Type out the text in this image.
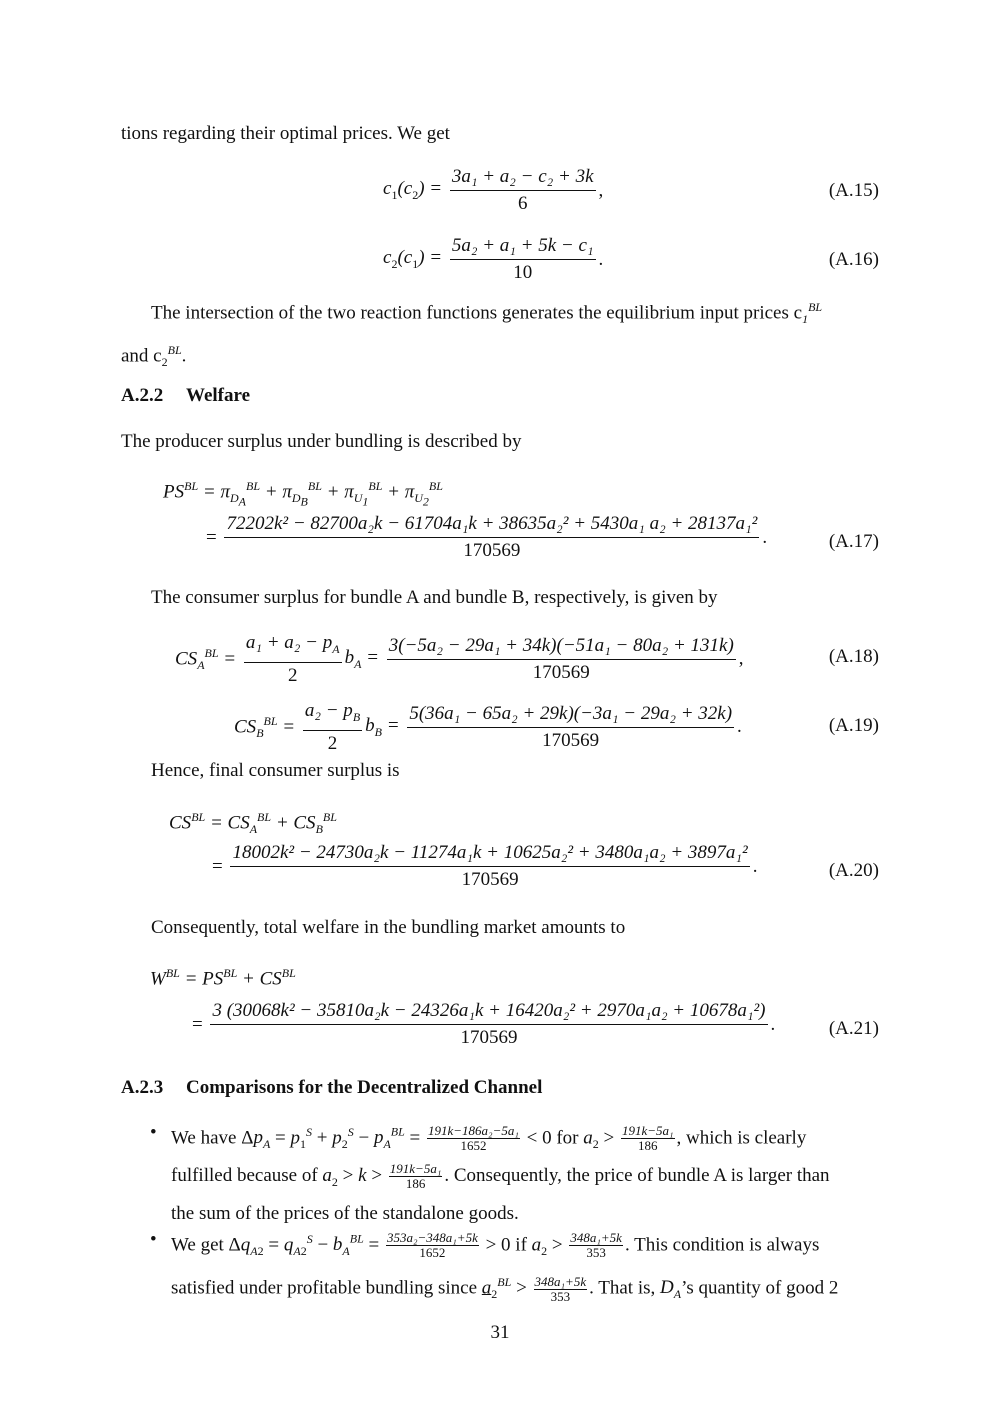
tions regarding their optimal prices. We get

$c_1(c_2) = \frac{\text{3a₁ + a₂ − c₂ + 3k}}{6}$ ,	(A.15)
$c_2(c_1) = \frac{\text{5a₂ + a₁ + 5k − c₁}}{10}$ .	(A.16)

The intersection of the two reaction functions generates the equilibrium input prices $c_1^{BL}$
and $c_2^{BL}$.

A.2.2 Welfare

The producer surplus under bundling is described by

$PS^{BL} = \pi_{D_A}^{BL} + \pi_{D_B}^{BL} + \pi_{U_1}^{BL} + \pi_{U_2}^{BL}$
=
72202k² − 82700a₂k − 61704a₁k + 38635a₂² + 5430a₁ a₂ + 28137a₁²
170569
.	(A.17)

The consumer surplus for bundle A and bundle B, respectively, is given by

$CS_A^{BL} = \frac{a_1 + a_2 - p_A}{2} b_A = \frac{\text{3(−5a₂ − 29a₁ + 34k)(−51a₁ − 80a₂ + 131k)}}{170569}$ ,	(A.18)
$CS_B^{BL} = \frac{a_2 - p_B}{2} b_B = \frac{\text{5(36a₁ − 65a₂ + 29k)(−3a₁ − 29a₂ + 32k)}}{170569}$ .	(A.19)

Hence, final consumer surplus is

$CS^{BL} = CS_A^{BL} + CS_B^{BL}$
=
18002k² − 24730a₂k − 11274a₁k + 10625a₂² + 3480a₁a₂ + 3897a₁²
170569
.	(A.20)

Consequently, total welfare in the bundling market amounts to

$W^{BL} = PS^{BL} + CS^{BL}$
=
3 (30068k² − 35810a₂k − 24326a₁k + 16420a₂² + 2970a₁a₂ + 10678a₁²)
170569
.	(A.21)
A.2.3 Comparisons for the Decentralized Channel
• We have $\Delta p_A = p_1^S + p_2^S - p_A^{BL} = \frac{\text{191k−186a₂−5a₁}}{1652} < 0$ for $a_2 > \frac{\text{191k−5a₁}}{186}$ , which is clearly
fulfilled because of $a_2 > k > \frac{\text{191k−5a₁}}{186}$ . Consequently, the price of bundle A is larger than
the sum of the prices of the standalone goods.
• We get $\Delta q_{A2} = q_{A2}^S - b_A^{BL} = \frac{\text{353a₂−348a₁+5k}}{1652} > 0$ if $a_2 > \frac{\text{348a₁+5k}}{353}$ . This condition is always
satisfied under profitable bundling since $a_2^{BL} > \frac{\text{348a₁+5k}}{353}$ . That is, $D_A’s$ quantity of good 2
31
